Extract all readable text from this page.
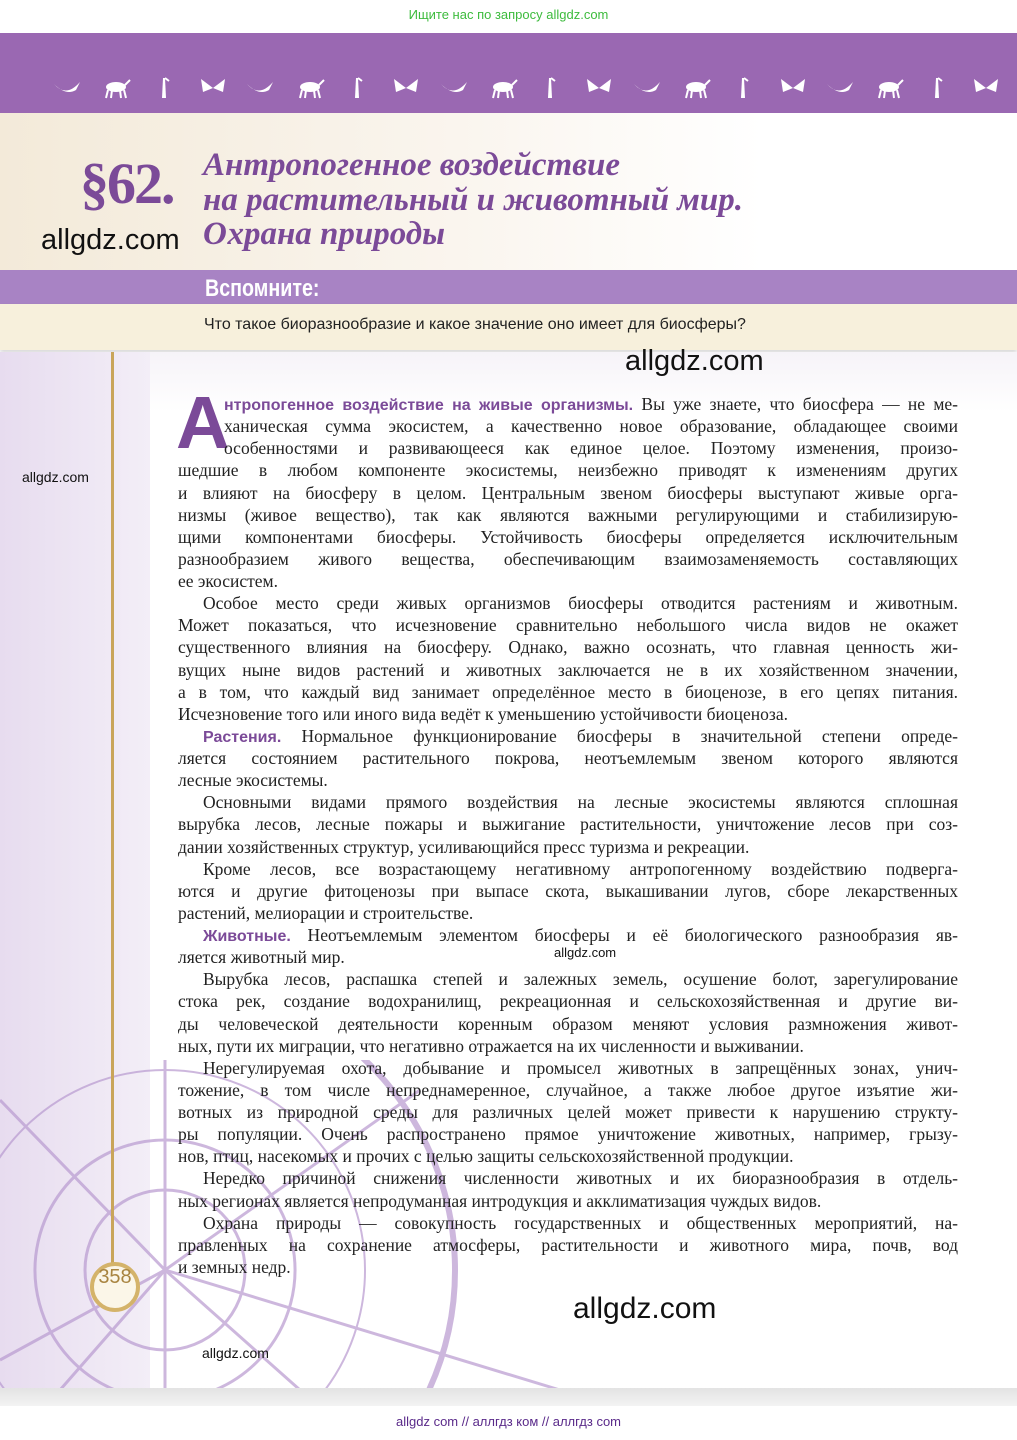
Ищите нас по запросу allgdz.com
§62. Антропогенное воздействие
на растительный и животный мир.
Охрана природы
allgdz.com
Вспомните:
Что такое биоразнообразие и какое значение оно имеет для биосферы?
358
А
нтропогенное воздействие на живые организмы. Вы уже знаете, что биосфера — не ме-
ханическая сумма экосистем, а качественно новое образование, обладающее своими
особенностями и развивающееся как единое целое. Поэтому изменения, произо-
шедшие в любом компоненте экосистемы, неизбежно приводят к изменениям других
и влияют на биосферу в целом. Центральным звеном биосферы выступают живые орга-
низмы (живое вещество), так как являются важными регулирующими и стабилизирую-
щими компонентами биосферы. Устойчивость биосферы определяется исключительным
разнообразием живого вещества, обеспечивающим взаимозаменяемость составляющих
ее экосистем.
Особое место среди живых организмов биосферы отводится растениям и животным.
Может показаться, что исчезновение сравнительно небольшого числа видов не окажет
существенного влияния на биосферу. Однако, важно осознать, что главная ценность жи-
вущих ныне видов растений и животных заключается не в их хозяйственном значении,
а в том, что каждый вид занимает определённое место в биоценозе, в его цепях питания.
Исчезновение того или иного вида ведёт к уменьшению устойчивости биоценоза.
Растения. Нормальное функционирование биосферы в значительной степени опреде-
ляется состоянием растительного покрова, неотъемлемым звеном которого являются
лесные экосистемы.
Основными видами прямого воздействия на лесные экосистемы являются сплошная
вырубка лесов, лесные пожары и выжигание растительности, уничтожение лесов при соз-
дании хозяйственных структур, усиливающийся пресс туризма и рекреации.
Кроме лесов, все возрастающему негативному антропогенному воздействию подверга-
ются и другие фитоценозы при выпасе скота, выкашивании лугов, сборе лекарственных
растений, мелиорации и строительстве.
Животные. Неотъемлемым элементом биосферы и её биологического разнообразия яв-
ляется животный мир.
Вырубка лесов, распашка степей и залежных земель, осушение болот, зарегулирование
стока рек, создание водохранилищ, рекреационная и сельскохозяйственная и другие ви-
ды человеческой деятельности коренным образом меняют условия размножения живот-
ных, пути их миграции, что негативно отражается на их численности и выживании.
Нерегулируемая охота, добывание и промысел животных в запрещённых зонах, унич-
тожение, в том числе непреднамеренное, случайное, а также любое другое изъятие жи-
вотных из природной среды для различных целей может привести к нарушению структу-
ры популяции. Очень распространено прямое уничтожение животных, например, грызу-
нов, птиц, насекомых и прочих с целью защиты сельскохозяйственной продукции.
Нередко причиной снижения численности животных и их биоразнообразия в отдель-
ных регионах является непродуманная интродукция и акклиматизация чуждых видов.
Охрана природы — совокупность государственных и общественных мероприятий, на-
правленных на сохранение атмосферы, растительности и животного мира, почв, вод
и земных недр.
allgdz.com
allgdz.com
allgdz.com
allgdz.com
allgdz.com
allgdz com // аллгдз ком // аллгдз com
